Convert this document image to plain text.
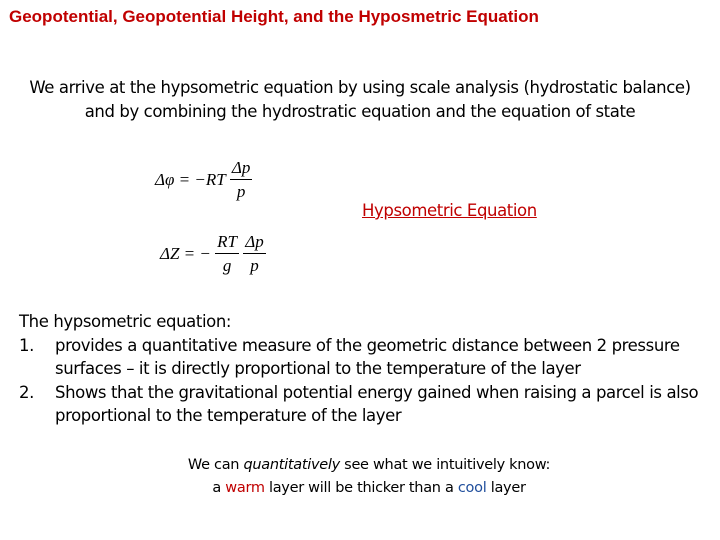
Geopotential, Geopotential Height, and the Hyposmetric Equation
We arrive at the hypsometric equation by using scale analysis (hydrostatic balance)
and by combining the hydrostratic equation and the equation of state
$\Delta\varphi = -RT \frac{\Delta p}{p}$
ΔZ = − $\frac{RT}{g}$
$\frac{\Delta p}{p}$
Hypsometric Equation
The hypsometric equation:
1. provides a quantitative measure of the geometric distance between 2 pressure surfaces – it is directly proportional to the temperature of the layer
2. Shows that the gravitational potential energy gained when raising a parcel is also proportional to the temperature of the layer
We can quantitatively see what we intuitively know:
a warm layer will be thicker than a cool layer
